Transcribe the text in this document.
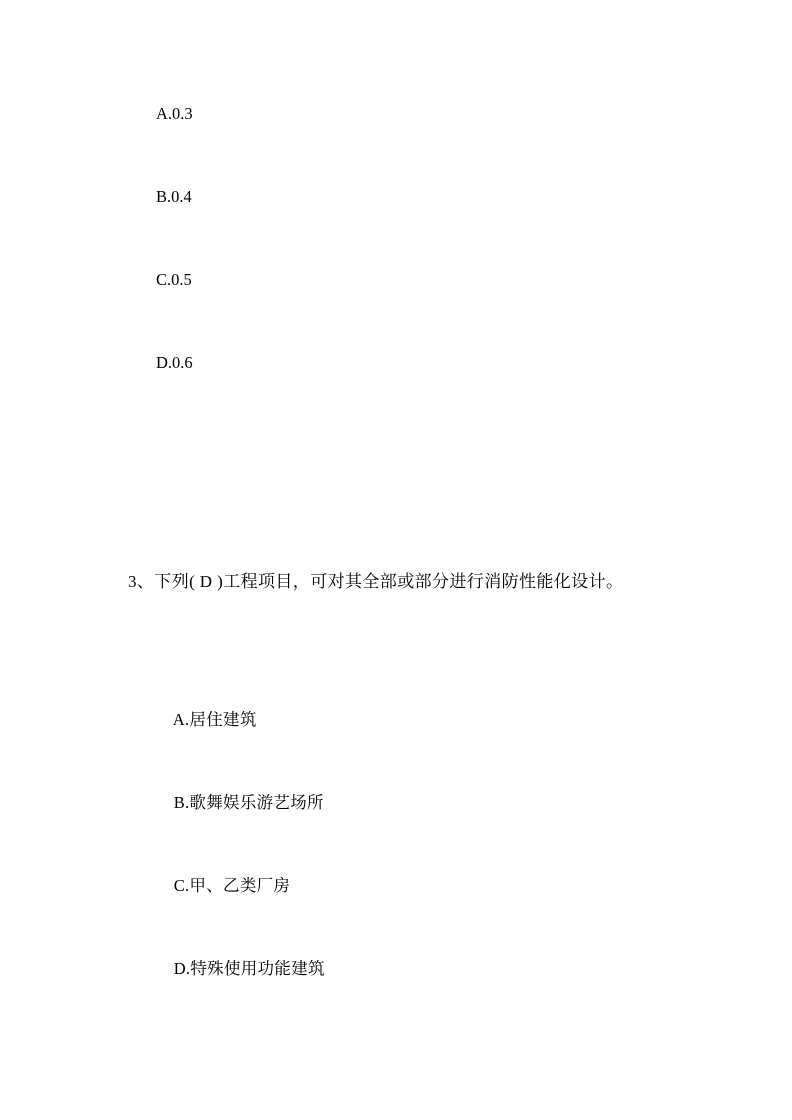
A.0.3
B.0.4
C.0.5
D.0.6
3、下列( D )工程项目，可对其全部或部分进行消防性能化设计。

A.居住建筑

B.歌舞娱乐游艺场所

C.甲、乙类厂房

D.特殊使用功能建筑
